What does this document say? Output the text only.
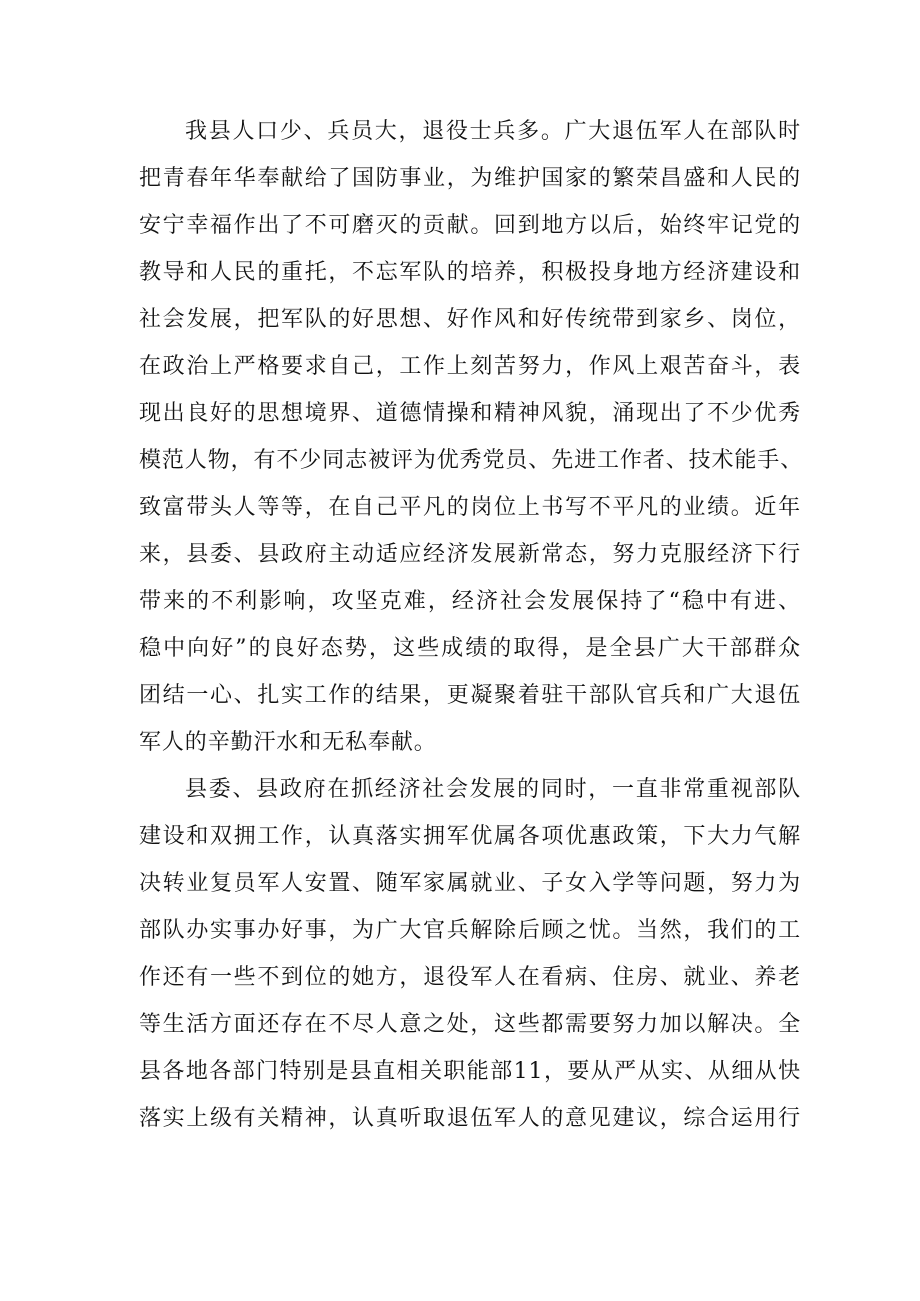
我县人口少、兵员大，退役士兵多。广大退伍军人在部队时
把青春年华奉献给了国防事业，为维护国家的繁荣昌盛和人民的
安宁幸福作出了不可磨灭的贡献。回到地方以后，始终牢记党的
教导和人民的重托，不忘军队的培养，积极投身地方经济建设和
社会发展，把军队的好思想、好作风和好传统带到家乡、岗位，
在政治上严格要求自己，工作上刻苦努力，作风上艰苦奋斗，表
现出良好的思想境界、道德情操和精神风貌，涌现出了不少优秀
模范人物，有不少同志被评为优秀党员、先进工作者、技术能手、
致富带头人等等，在自己平凡的岗位上书写不平凡的业绩。近年
来，县委、县政府主动适应经济发展新常态，努力克服经济下行
带来的不利影响，攻坚克难，经济社会发展保持了“稳中有进、
稳中向好”的良好态势，这些成绩的取得，是全县广大干部群众
团结一心、扎实工作的结果，更凝聚着驻干部队官兵和广大退伍
军人的辛勤汗水和无私奉献。
县委、县政府在抓经济社会发展的同时，一直非常重视部队
建设和双拥工作，认真落实拥军优属各项优惠政策，下大力气解
决转业复员军人安置、随军家属就业、子女入学等问题，努力为
部队办实事办好事，为广大官兵解除后顾之忧。当然，我们的工
作还有一些不到位的她方，退役军人在看病、住房、就业、养老
等生活方面还存在不尽人意之处，这些都需要努力加以解决。全
县各地各部门特别是县直相关职能部11，要从严从实、从细从快
落实上级有关精神，认真听取退伍军人的意见建议，综合运用行
